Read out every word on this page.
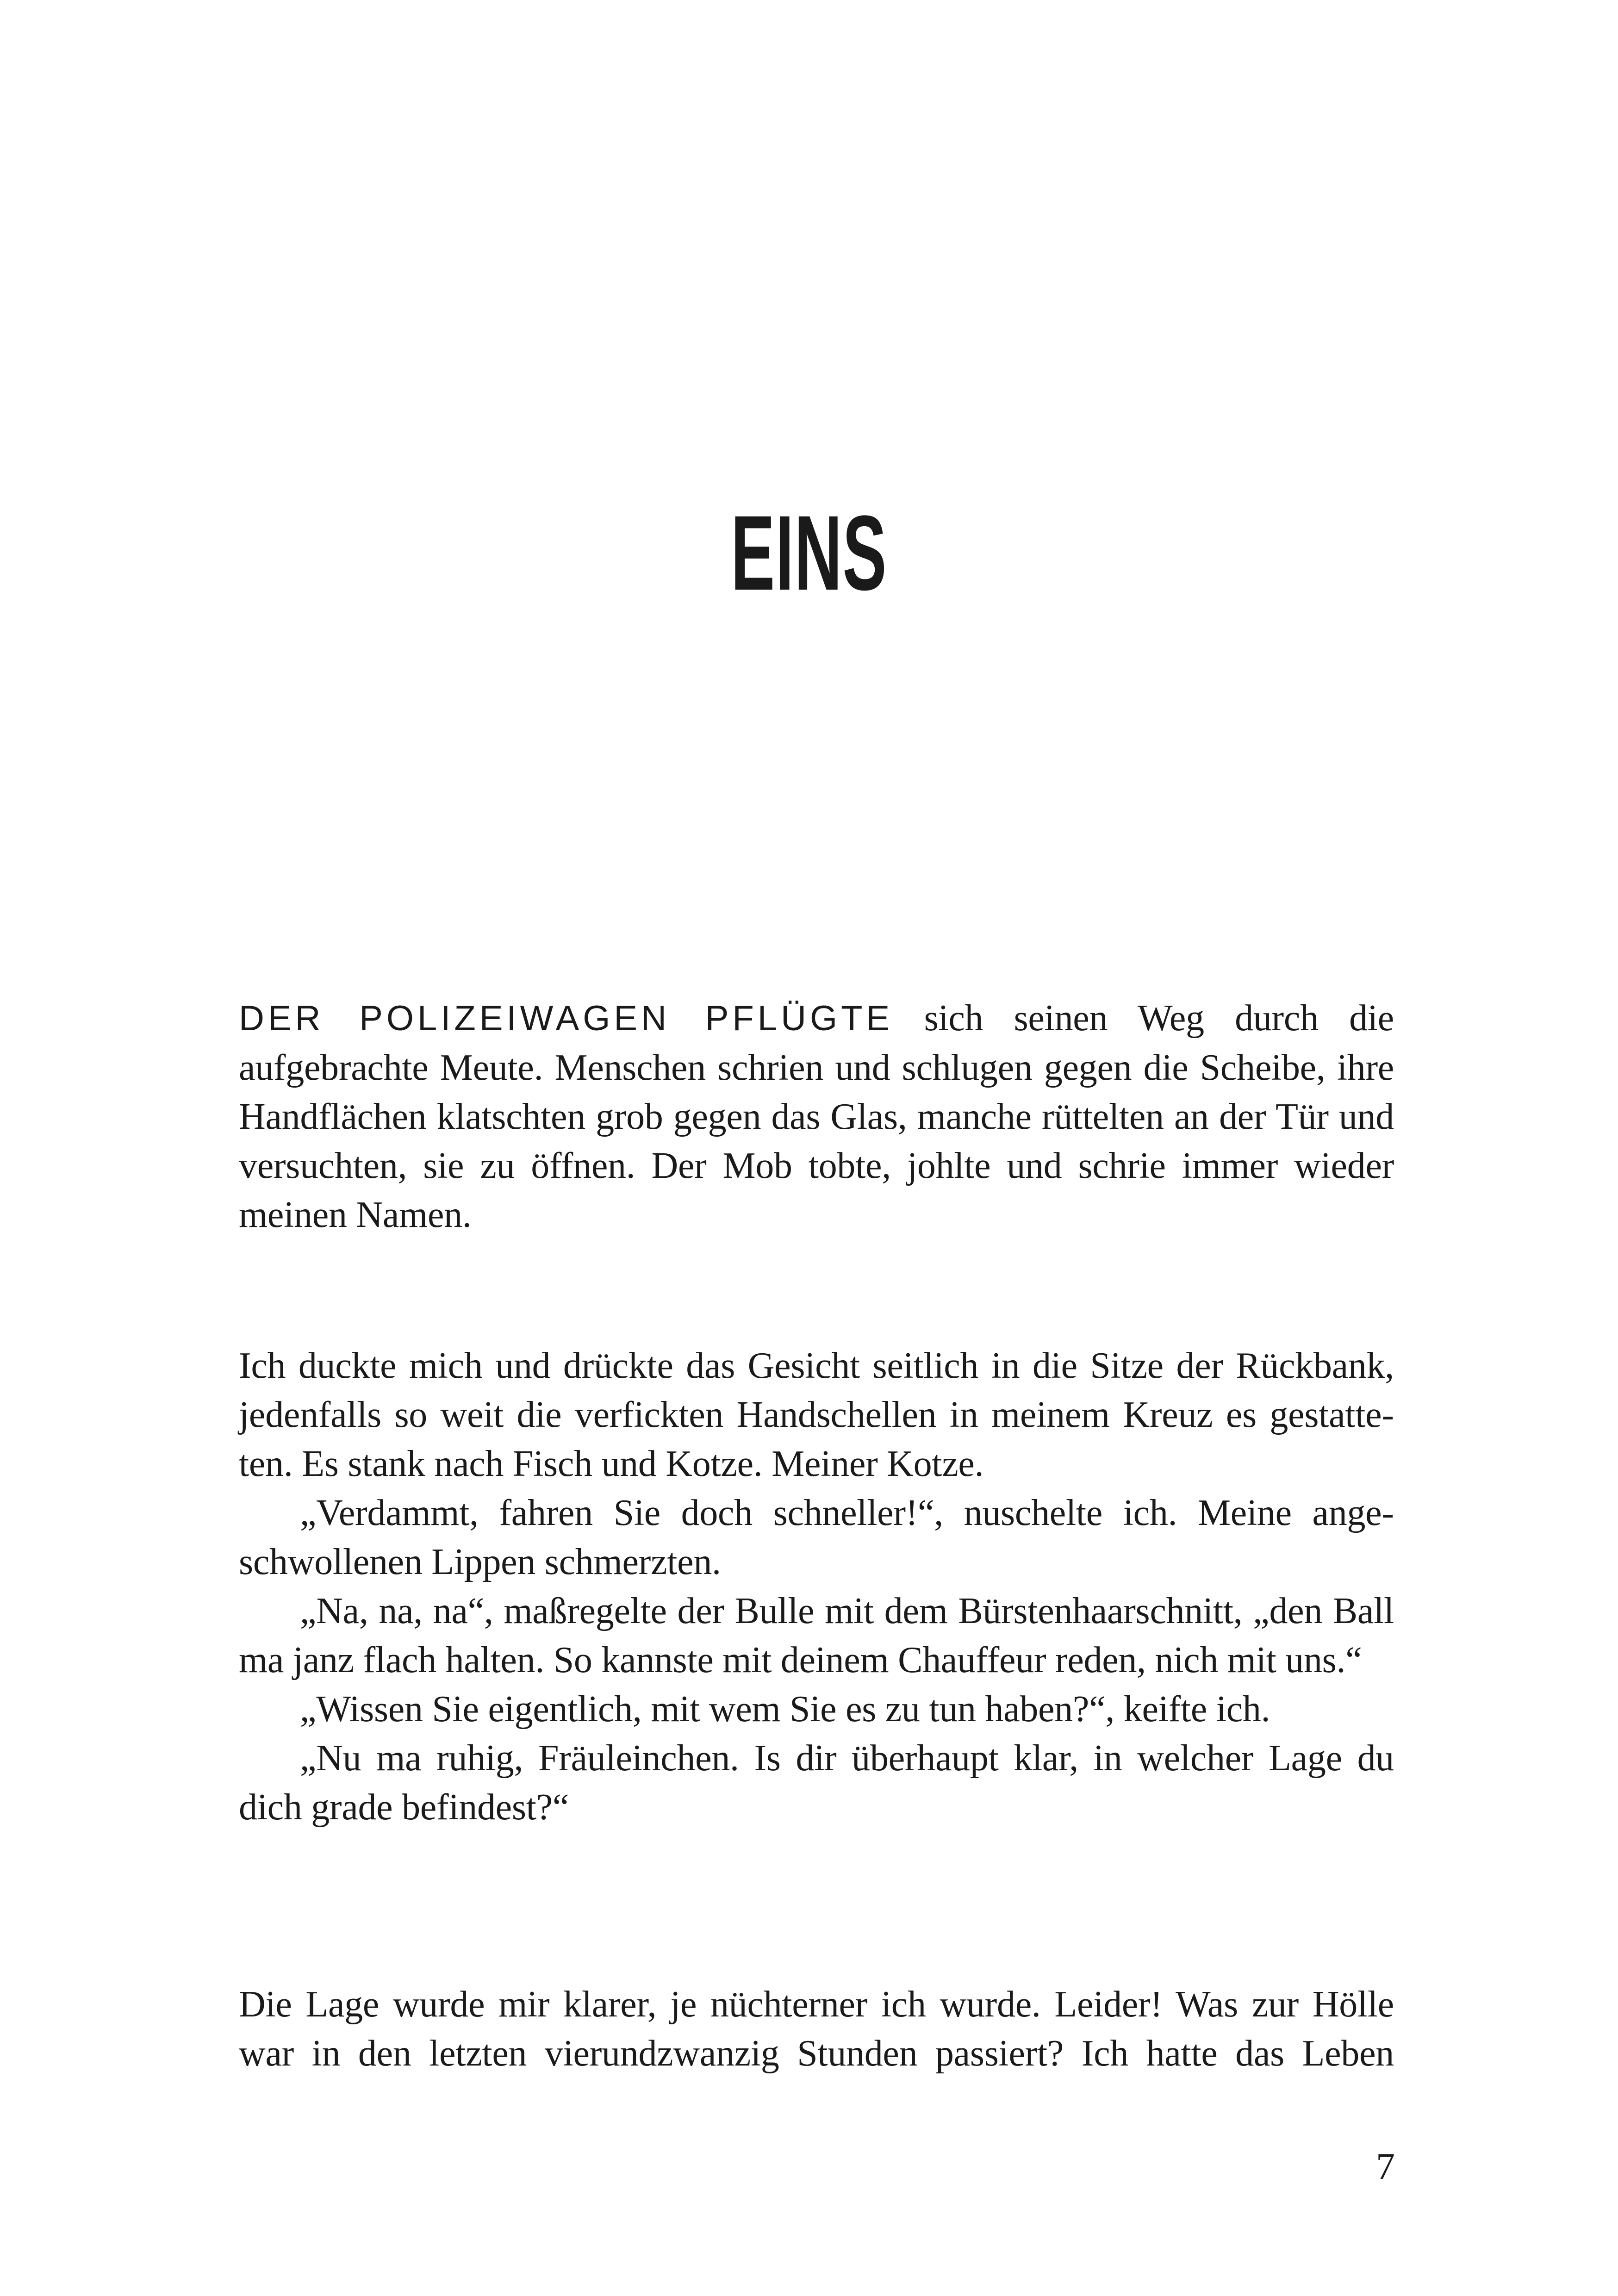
EINS

DER POLIZEIWAGEN PFLÜGTE sich seinen Weg durch die aufgebrachte Meute. Menschen schrien und schlugen gegen die Scheibe, ihre Handflächen klatschten grob gegen das Glas, manche rüttelten an der Tür und versuchten, sie zu öffnen. Der Mob tobte, johlte und schrie immer wieder meinen Namen.

Ich duckte mich und drückte das Gesicht seitlich in die Sitze der Rückbank, jedenfalls so weit die verfickten Handschellen in meinem Kreuz es gestatteten. Es stank nach Fisch und Kotze. Meiner Kotze.

„Verdammt, fahren Sie doch schneller!“, nuschelte ich. Meine angeschwollenen Lippen schmerzten.

„Na, na, na“, maßregelte der Bulle mit dem Bürstenhaarschnitt, „den Ball ma janz flach halten. So kannste mit deinem Chauffeur reden, nich mit uns.“

„Wissen Sie eigentlich, mit wem Sie es zu tun haben?“, keifte ich.

„Nu ma ruhig, Fräuleinchen. Is dir überhaupt klar, in welcher Lage du dich grade befindest?“

Die Lage wurde mir klarer, je nüchterner ich wurde. Leider! Was zur Hölle war in den letzten vierundzwanzig Stunden passiert? Ich hatte das Leben

7
